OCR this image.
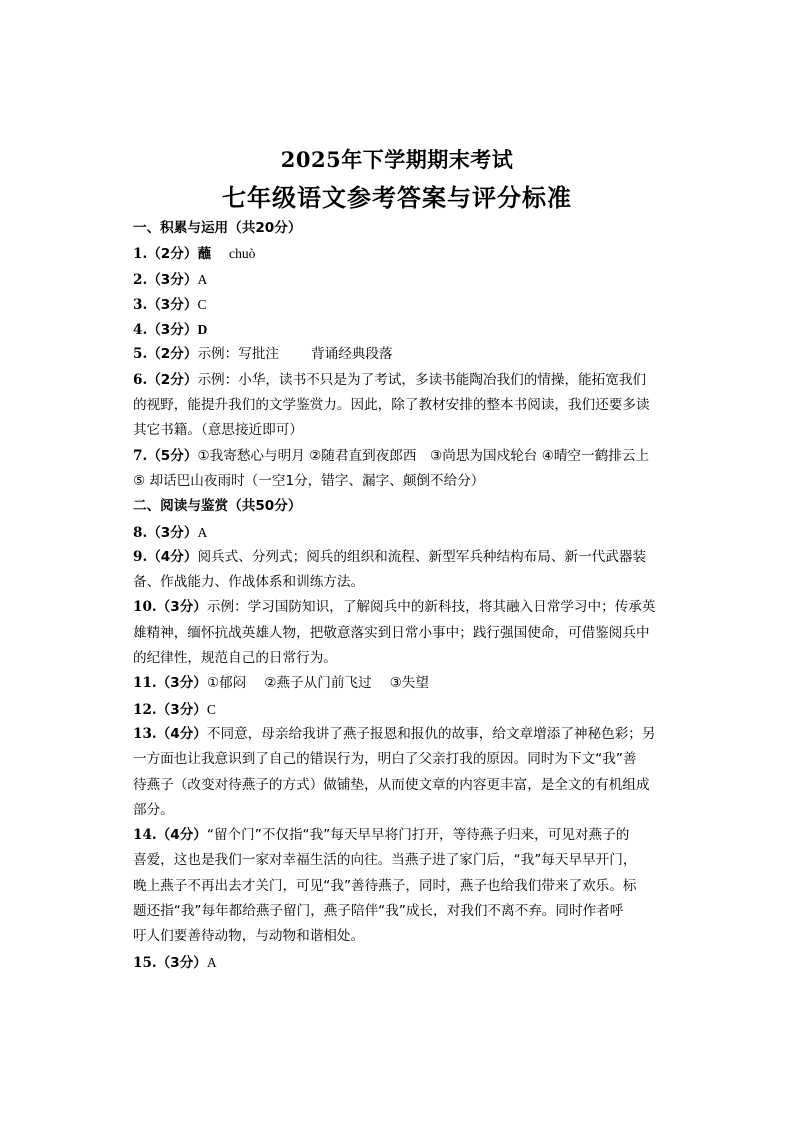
2025年下学期期末考试
七年级语文参考答案与评分标准
一、积累与运用（共20分）
1.（2分）蘸 chuò
2.（3分）A
3.（3分）C
4.（3分）D
5.（2分）示例：写批注 背诵经典段落
6.（2分）示例：小华，读书不只是为了考试，多读书能陶冶我们的情操，能拓宽我们
的视野，能提升我们的文学鉴赏力。因此，除了教材安排的整本书阅读，我们还要多读
其它书籍。（意思接近即可）
7.（5分）①我寄愁心与明月 ②随君直到夜郎西　③尚思为国戍轮台 ④晴空一鹤排云上
⑤ 却话巴山夜雨时（一空1分，错字、漏字、颠倒不给分）
二、阅读与鉴赏（共50分）
8.（3分）A
9.（4分）阅兵式、分列式；阅兵的组织和流程、新型军兵种结构布局、新一代武器装
备、作战能力、作战体系和训练方法。
10.（3分）示例：学习国防知识，了解阅兵中的新科技，将其融入日常学习中；传承英
雄精神，缅怀抗战英雄人物，把敬意落实到日常小事中；践行强国使命，可借鉴阅兵中
的纪律性，规范自己的日常行为。
11.（3分）①郁闷 ②燕子从门前飞过 ③失望
12.（3分）C
13.（4分）不同意，母亲给我讲了燕子报恩和报仇的故事，给文章增添了神秘色彩；另
一方面也让我意识到了自己的错误行为，明白了父亲打我的原因。同时为下文“我”善
待燕子（改变对待燕子的方式）做铺垫，从而使文章的内容更丰富，是全文的有机组成
部分。
14.（4分）“留个门”不仅指“我”每天早早将门打开，等待燕子归来，可见对燕子的
喜爱，这也是我们一家对幸福生活的向往。当燕子进了家门后，“我”每天早早开门，
晚上燕子不再出去才关门，可见“我”善待燕子，同时，燕子也给我们带来了欢乐。标
题还指“我”每年都给燕子留门，燕子陪伴“我”成长，对我们不离不弃。同时作者呼
吁人们要善待动物，与动物和谐相处。
15.（3分）A
